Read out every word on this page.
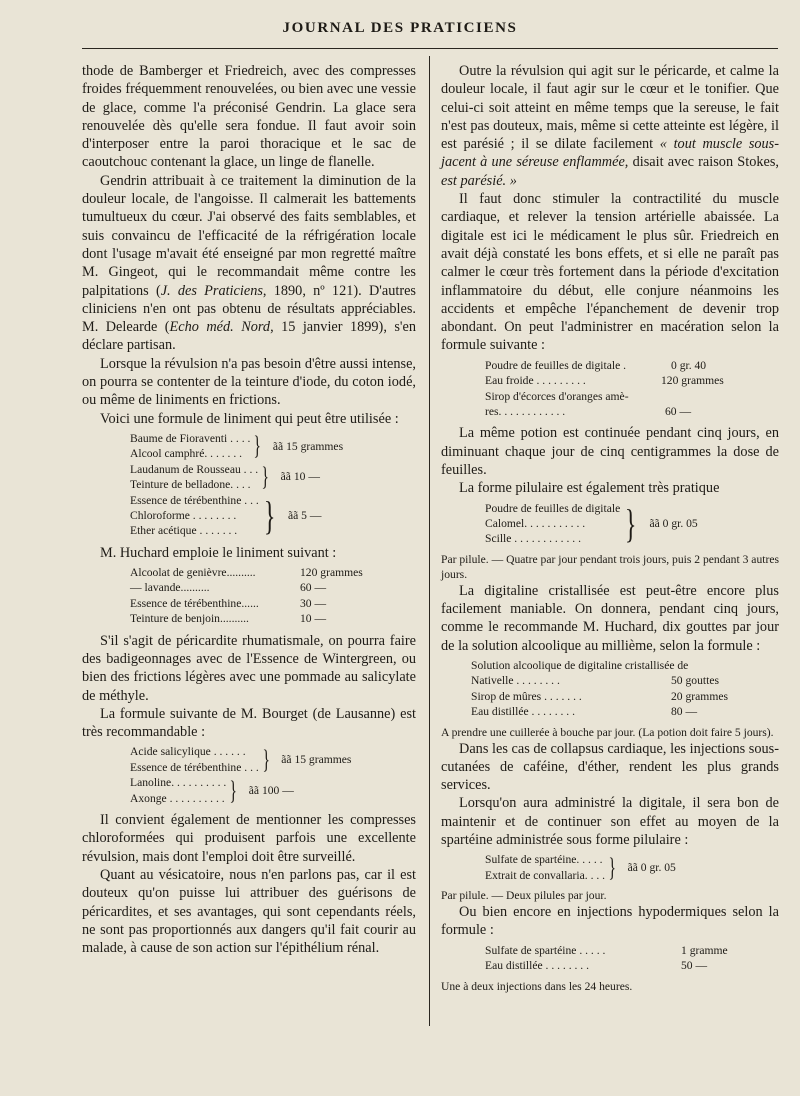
JOURNAL DES PRATICIENS

thode de Bamberger et Friedreich, avec des compresses froides fréquemment renouvelées, ou bien avec une vessie de glace, comme l'a préconisé Gendrin. La glace sera renouvelée dès qu'elle sera fondue. Il faut avoir soin d'interposer entre la paroi thoracique et le sac de caoutchouc contenant la glace, un linge de flanelle.

Gendrin attribuait à ce traitement la diminution de la douleur locale, de l'angoisse. Il calmerait les battements tumultueux du cœur. J'ai observé des faits semblables, et suis convaincu de l'efficacité de la réfrigération locale dont l'usage m'avait été enseigné par mon regretté maître M. Gingeot, qui le recommandait même contre les palpitations (J. des Praticiens, 1890, nº 121). D'autres cliniciens n'en ont pas obtenu de résultats appréciables. M. Delearde (Echo méd. Nord, 15 janvier 1899), s'en déclare partisan.

Lorsque la révulsion n'a pas besoin d'être aussi intense, on pourra se contenter de la teinture d'iode, du coton iodé, ou même de liniments en frictions.

Voici une formule de liniment qui peut être utilisée :

Baume de Fioraventi . . . .
Alcool camphré. . . . . . . } ãã 15 grammes
Laudanum de Rousseau . . .
Teinture de belladone. . . . } ãã 10 —
Essence de térébenthine . . .
Chloroforme . . . . . . . .
Ether acétique . . . . . . . } ãã 5 —

M. Huchard emploie le liniment suivant :

Alcoolat de genièvre..........	120 grammes
— lavande..........	60 —
Essence de térébenthine......	30 —
Teinture de benjoin..........	10 —

S'il s'agit de péricardite rhumatismale, on pourra faire des badigeonnages avec de l'Essence de Wintergreen, ou bien des frictions légères avec une pommade au salicylate de méthyle.

La formule suivante de M. Bourget (de Lausanne) est très recommandable :

Acide salicylique . . . . . .
Essence de térébenthine . . . } ãã 15 grammes
Lanoline. . . . . . . . . .
Axonge . . . . . . . . . . } ãã 100 —

Il convient également de mentionner les compresses chloroformées qui produisent parfois une excellente révulsion, mais dont l'emploi doit être surveillé.

Quant au vésicatoire, nous n'en parlons pas, car il est douteux qu'on puisse lui attribuer des guérisons de péricardites, et ses avantages, qui sont cependants réels, ne sont pas proportionnés aux dangers qu'il fait courir au malade, à cause de son action sur l'épithélium rénal.

Outre la révulsion qui agit sur le péricarde, et calme la douleur locale, il faut agir sur le cœur et le tonifier. Que celui-ci soit atteint en même temps que la sereuse, le fait n'est pas douteux, mais, même si cette atteinte est légère, il est parésié ; il se dilate facilement « tout muscle sous-jacent à une séreuse enflammée, disait avec raison Stokes, est parésié. »

Il faut donc stimuler la contractilité du muscle cardiaque, et relever la tension artérielle abaissée. La digitale est ici le médicament le plus sûr. Friedreich en avait déjà constaté les bons effets, et si elle ne paraît pas calmer le cœur très fortement dans la période d'excitation inflammatoire du début, elle conjure néanmoins les accidents et empêche l'épanchement de devenir trop abondant. On peut l'administrer en macération selon la formule suivante :

Poudre de feuilles de digitale .	0 gr. 40
Eau froide . . . . . . . . .	120 grammes
Sirop d'écorces d'oranges amè-
res. . . . . . . . . . . .	60 —

La même potion est continuée pendant cinq jours, en diminuant chaque jour de cinq centigrammes la dose de feuilles.

La forme pilulaire est également très pratique

Poudre de feuilles de digitale
Calomel. . . . . . . . . . .
Scille . . . . . . . . . . . .	} ãã 0 gr. 05

Par pilule. — Quatre par jour pendant trois jours, puis 2 pendant 3 autres jours.

La digitaline cristallisée est peut-être encore plus facilement maniable. On donnera, pendant cinq jours, comme le recommande M. Huchard, dix gouttes par jour de la solution alcoolique au millième, selon la formule :

Solution alcoolique de digitaline cristallisée de
Nativelle . . . . . . . .	50 gouttes
Sirop de mûres . . . . . . .	20 grammes
Eau distillée . . . . . . . .	80 —

A prendre une cuillerée à bouche par jour. (La potion doit faire 5 jours).

Dans les cas de collapsus cardiaque, les injections sous-cutanées de caféine, d'éther, rendent les plus grands services.

Lorsqu'on aura administré la digitale, il sera bon de maintenir et de continuer son effet au moyen de la spartéine administrée sous forme pilulaire :

Sulfate de spartéine. . . . .
Extrait de convallaria. . . . } ãã 0 gr. 05

Par pilule. — Deux pilules par jour.

Ou bien encore en injections hypodermiques selon la formule :

Sulfate de spartéine . . . . .	1 gramme
Eau distillée . . . . . . . .	50 —

Une à deux injections dans les 24 heures.
